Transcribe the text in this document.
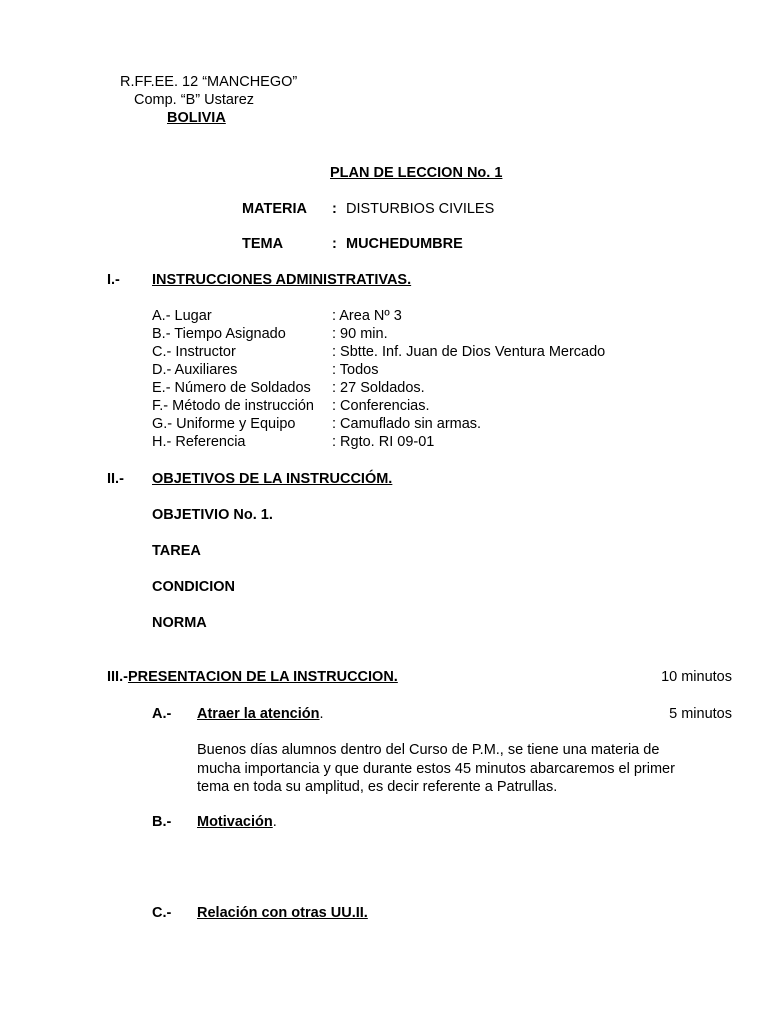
R.FF.EE. 12 “MANCHEGO”
Comp. “B” Ustarez
BOLIVIA
PLAN DE LECCION No. 1
MATERIA : DISTURBIOS CIVILES
TEMA	: MUCHEDUMBRE
I.- INSTRUCCIONES ADMINISTRATIVAS.
A.- Lugar	: Area Nº 3
B.- Tiempo Asignado	: 90 min.
C.- Instructor	: Sbtte. Inf. Juan de Dios Ventura Mercado
D.- Auxiliares	: Todos
E.- Número de Soldados : 27 Soldados.
F.- Método de instrucción : Conferencias.
G.- Uniforme y Equipo	: Camuflado sin armas.
H.- Referencia	: Rgto. RI 09-01
II.- OBJETIVOS DE LA INSTRUCCIÓM.
OBJETIVIO No. 1.
TAREA
CONDICION
NORMA
III.-PRESENTACION DE LA INSTRUCCION.	10 minutos
A.- Atraer la atención.	5 minutos
Buenos días alumnos dentro del Curso de P.M., se tiene una materia de
mucha importancia y que durante estos 45 minutos abarcaremos el primer
tema en toda su amplitud, es decir referente a Patrullas.
B.- Motivación.
C.- Relación con otras UU.II.
